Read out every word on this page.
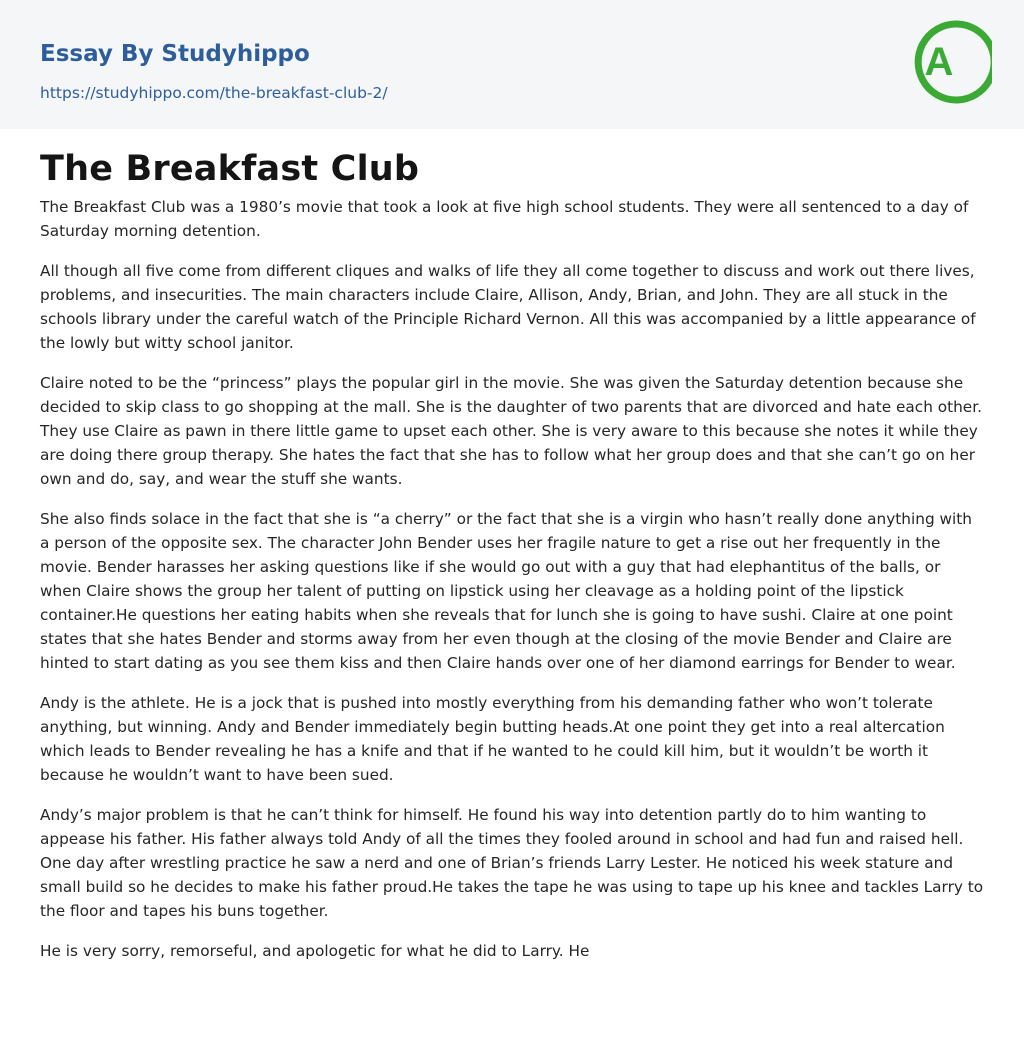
Essay By Studyhippo
https://studyhippo.com/the-breakfast-club-2/
A
The Breakfast Club

The Breakfast Club was a 1980’s movie that took a look at five high school students. They were all sentenced to a day of Saturday morning detention.

All though all five come from different cliques and walks of life they all come together to discuss and work out there lives, problems, and insecurities. The main characters include Claire, Allison, Andy, Brian, and John. They are all stuck in the schools library under the careful watch of the Principle Richard Vernon. All this was accompanied by a little appearance of the lowly but witty school janitor.

Claire noted to be the “princess” plays the popular girl in the movie. She was given the Saturday detention because she decided to skip class to go shopping at the mall. She is the daughter of two parents that are divorced and hate each other. They use Claire as pawn in there little game to upset each other. She is very aware to this because she notes it while they are doing there group therapy. She hates the fact that she has to follow what her group does and that she can’t go on her own and do, say, and wear the stuff she wants.

She also finds solace in the fact that she is “a cherry” or the fact that she is a virgin who hasn’t really done anything with a person of the opposite sex. The character John Bender uses her fragile nature to get a rise out her frequently in the movie. Bender harasses her asking questions like if she would go out with a guy that had elephantitus of the balls, or when Claire shows the group her talent of putting on lipstick using her cleavage as a holding point of the lipstick container.He questions her eating habits when she reveals that for lunch she is going to have sushi. Claire at one point states that she hates Bender and storms away from her even though at the closing of the movie Bender and Claire are hinted to start dating as you see them kiss and then Claire hands over one of her diamond earrings for Bender to wear.

Andy is the athlete. He is a jock that is pushed into mostly everything from his demanding father who won’t tolerate anything, but winning. Andy and Bender immediately begin butting heads.At one point they get into a real altercation which leads to Bender revealing he has a knife and that if he wanted to he could kill him, but it wouldn’t be worth it because he wouldn’t want to have been sued.

Andy’s major problem is that he can’t think for himself. He found his way into detention partly do to him wanting to appease his father. His father always told Andy of all the times they fooled around in school and had fun and raised hell. One day after wrestling practice he saw a nerd and one of Brian’s friends Larry Lester. He noticed his week stature and small build so he decides to make his father proud.He takes the tape he was using to tape up his knee and tackles Larry to the floor and tapes his buns together.

He is very sorry, remorseful, and apologetic for what he did to Larry. He
